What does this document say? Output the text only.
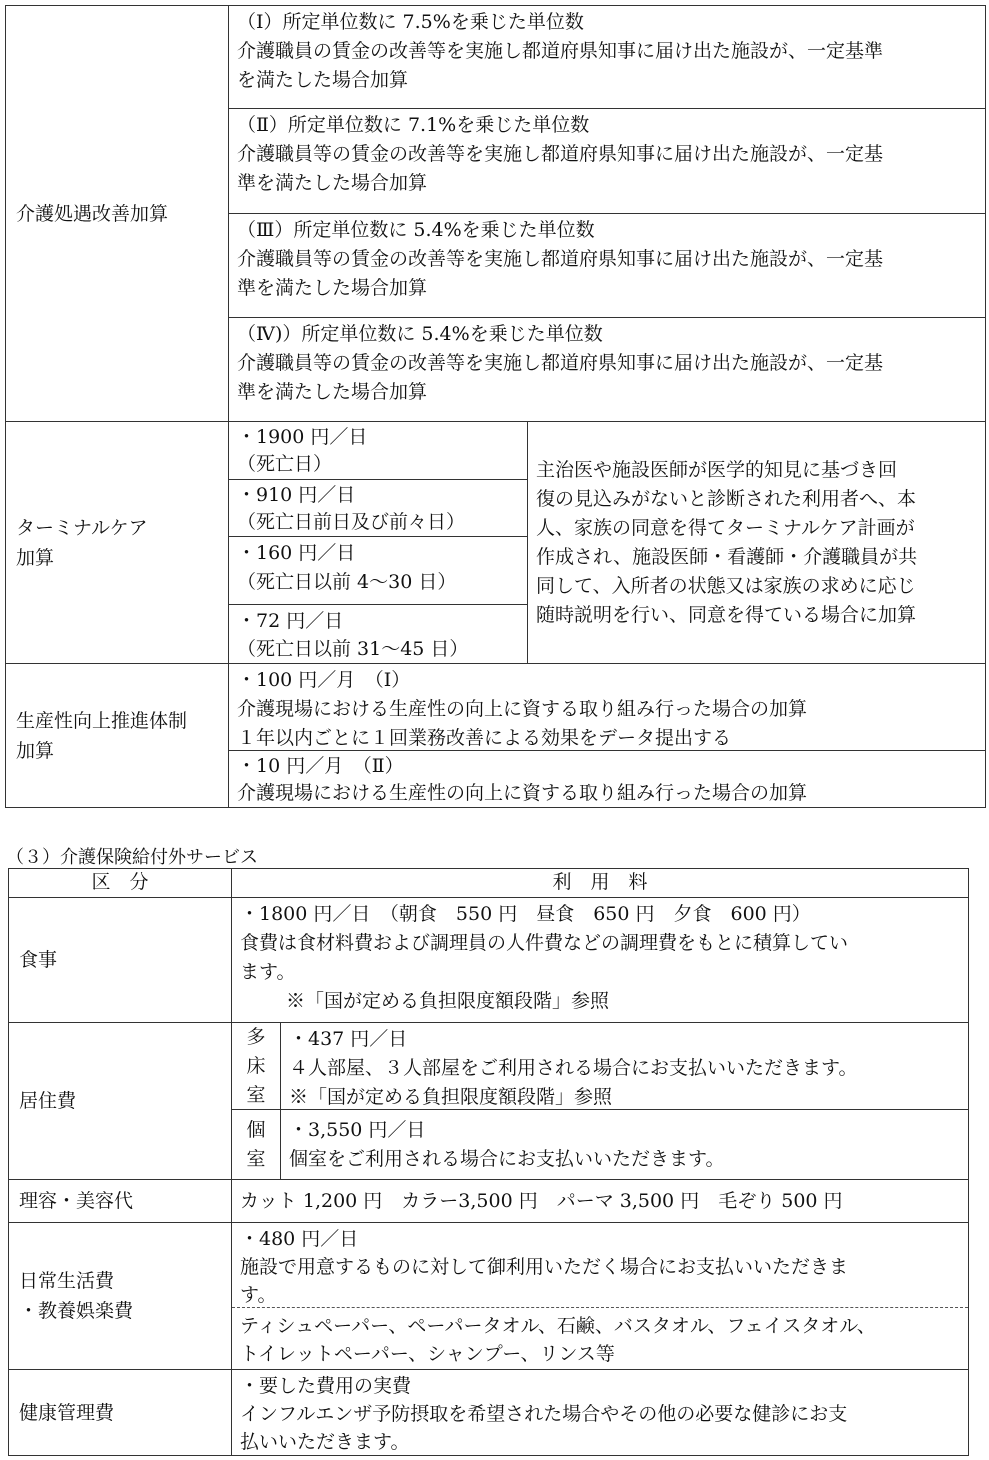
介護処遇改善加算
（Ⅰ）所定単位数に 7.5%を乗じた単位数
介護職員の賃金の改善等を実施し都道府県知事に届け出た施設が、一定基準
を満たした場合加算
（Ⅱ）所定単位数に 7.1%を乗じた単位数
介護職員等の賃金の改善等を実施し都道府県知事に届け出た施設が、一定基
準を満たした場合加算
（Ⅲ）所定単位数に 5.4%を乗じた単位数
介護職員等の賃金の改善等を実施し都道府県知事に届け出た施設が、一定基
準を満たした場合加算
（Ⅳ)）所定単位数に 5.4%を乗じた単位数
介護職員等の賃金の改善等を実施し都道府県知事に届け出た施設が、一定基
準を満たした場合加算
ターミナルケア
加算
・1900 円／日
（死亡日）
・910 円／日
（死亡日前日及び前々日）
・160 円／日
（死亡日以前 4～30 日）
・72 円／日
（死亡日以前 31～45 日）
主治医や施設医師が医学的知見に基づき回
復の見込みがないと診断された利用者へ、本
人、家族の同意を得てターミナルケア計画が
作成され、施設医師・看護師・介護職員が共
同して、入所者の状態又は家族の求めに応じ
随時説明を行い、同意を得ている場合に加算
生産性向上推進体制
加算
・100 円／月　（Ⅰ）
介護現場における生産性の向上に資する取り組み行った場合の加算
１年以内ごとに１回業務改善による効果をデータ提出する
・10 円／月　（Ⅱ）
介護現場における生産性の向上に資する取り組み行った場合の加算
（３）介護保険給付外サービス
区　分	利　用　料
食事
・1800 円／日　（朝食　550 円　昼食　650 円　夕食　600 円）
食費は食材料費および調理員の人件費などの調理費をもとに積算してい
ます。
※「国が定める負担限度額段階」参照
居住費
多
床
室
・437 円／日
４人部屋、３人部屋をご利用される場合にお支払いいただきます。
※「国が定める負担限度額段階」参照
個
室
・3,550 円／日
個室をご利用される場合にお支払いいただきます。
理容・美容代	カット 1,200 円　カラー3,500 円　パーマ 3,500 円　毛ぞり 500 円
日常生活費
・教養娯楽費
・480 円／日
施設で用意するものに対して御利用いただく場合にお支払いいただきま
す。
ティシュペーパー、ペーパータオル、石鹸、バスタオル、フェイスタオル、
トイレットペーパー、シャンプー、リンス等
健康管理費
・要した費用の実費
インフルエンザ予防摂取を希望された場合やその他の必要な健診にお支
払いいただきます。
